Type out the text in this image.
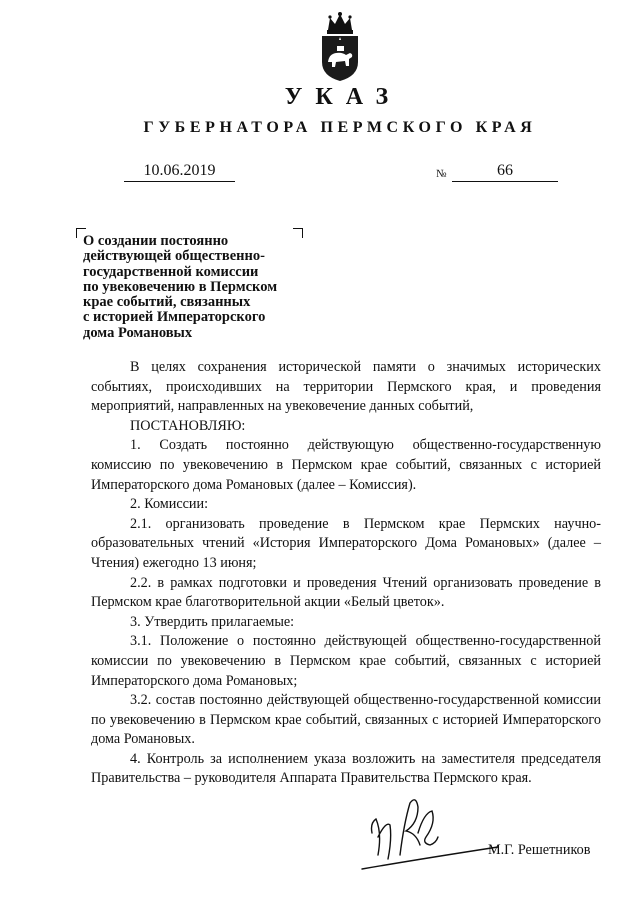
УКАЗ
ГУБЕРНАТОРА ПЕРМСКОГО КРАЯ
10.06.2019	№	66
О создании постоянно
действующей общественно-
государственной комиссии
по увековечению в Пермском
крае событий, связанных
с историей Императорского
дома Романовых

В целях сохранения исторической памяти о значимых исторических событиях, происходивших на территории Пермского края, и проведения мероприятий, направленных на увековечение данных событий,

ПОСТАНОВЛЯЮ:

1. Создать постоянно действующую общественно-государственную комиссию по увековечению в Пермском крае событий, связанных с историей Императорского дома Романовых (далее – Комиссия).

2. Комиссии:

2.1. организовать проведение в Пермском крае Пермских научно-образовательных чтений «История Императорского Дома Романовых» (далее – Чтения) ежегодно 13 июня;

2.2. в рамках подготовки и проведения Чтений организовать проведение в Пермском крае благотворительной акции «Белый цветок».

3. Утвердить прилагаемые:

3.1. Положение о постоянно действующей общественно-государственной комиссии по увековечению в Пермском крае событий, связанных с историей Императорского дома Романовых;

3.2. состав постоянно действующей общественно-государственной комиссии по увековечению в Пермском крае событий, связанных с историей Императорского дома Романовых.

4. Контроль за исполнением указа возложить на заместителя председателя Правительства – руководителя Аппарата Правительства Пермского края.

М.Г. Решетников
